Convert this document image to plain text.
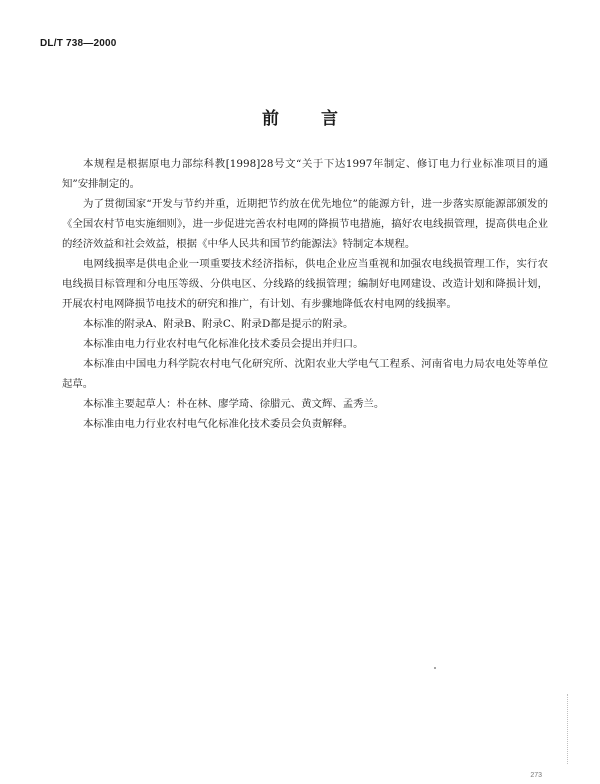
DL/T 738—2000
前言

本规程是根据原电力部综科教[1998]28号文“关于下达1997年制定、修订电力行业标准项目的通知”安排制定的。

为了贯彻国家“开发与节约并重，近期把节约放在优先地位”的能源方针，进一步落实原能源部颁发的《全国农村节电实施细则》，进一步促进完善农村电网的降损节电措施，搞好农电线损管理，提高供电企业的经济效益和社会效益，根据《中华人民共和国节约能源法》特制定本规程。

电网线损率是供电企业一项重要技术经济指标，供电企业应当重视和加强农电线损管理工作，实行农电线损目标管理和分电压等级、分供电区、分线路的线损管理；编制好电网建设、改造计划和降损计划，开展农村电网降损节电技术的研究和推广，有计划、有步骤地降低农村电网的线损率。

本标准的附录A、附录B、附录C、附录D都是提示的附录。

本标准由电力行业农村电气化标准化技术委员会提出并归口。

本标准由中国电力科学院农村电气化研究所、沈阳农业大学电气工程系、河南省电力局农电处等单位起草。

本标准主要起草人：朴在林、廖学琦、徐腊元、黄文辉、孟秀兰。

本标准由电力行业农村电气化标准化技术委员会负责解释。

273
